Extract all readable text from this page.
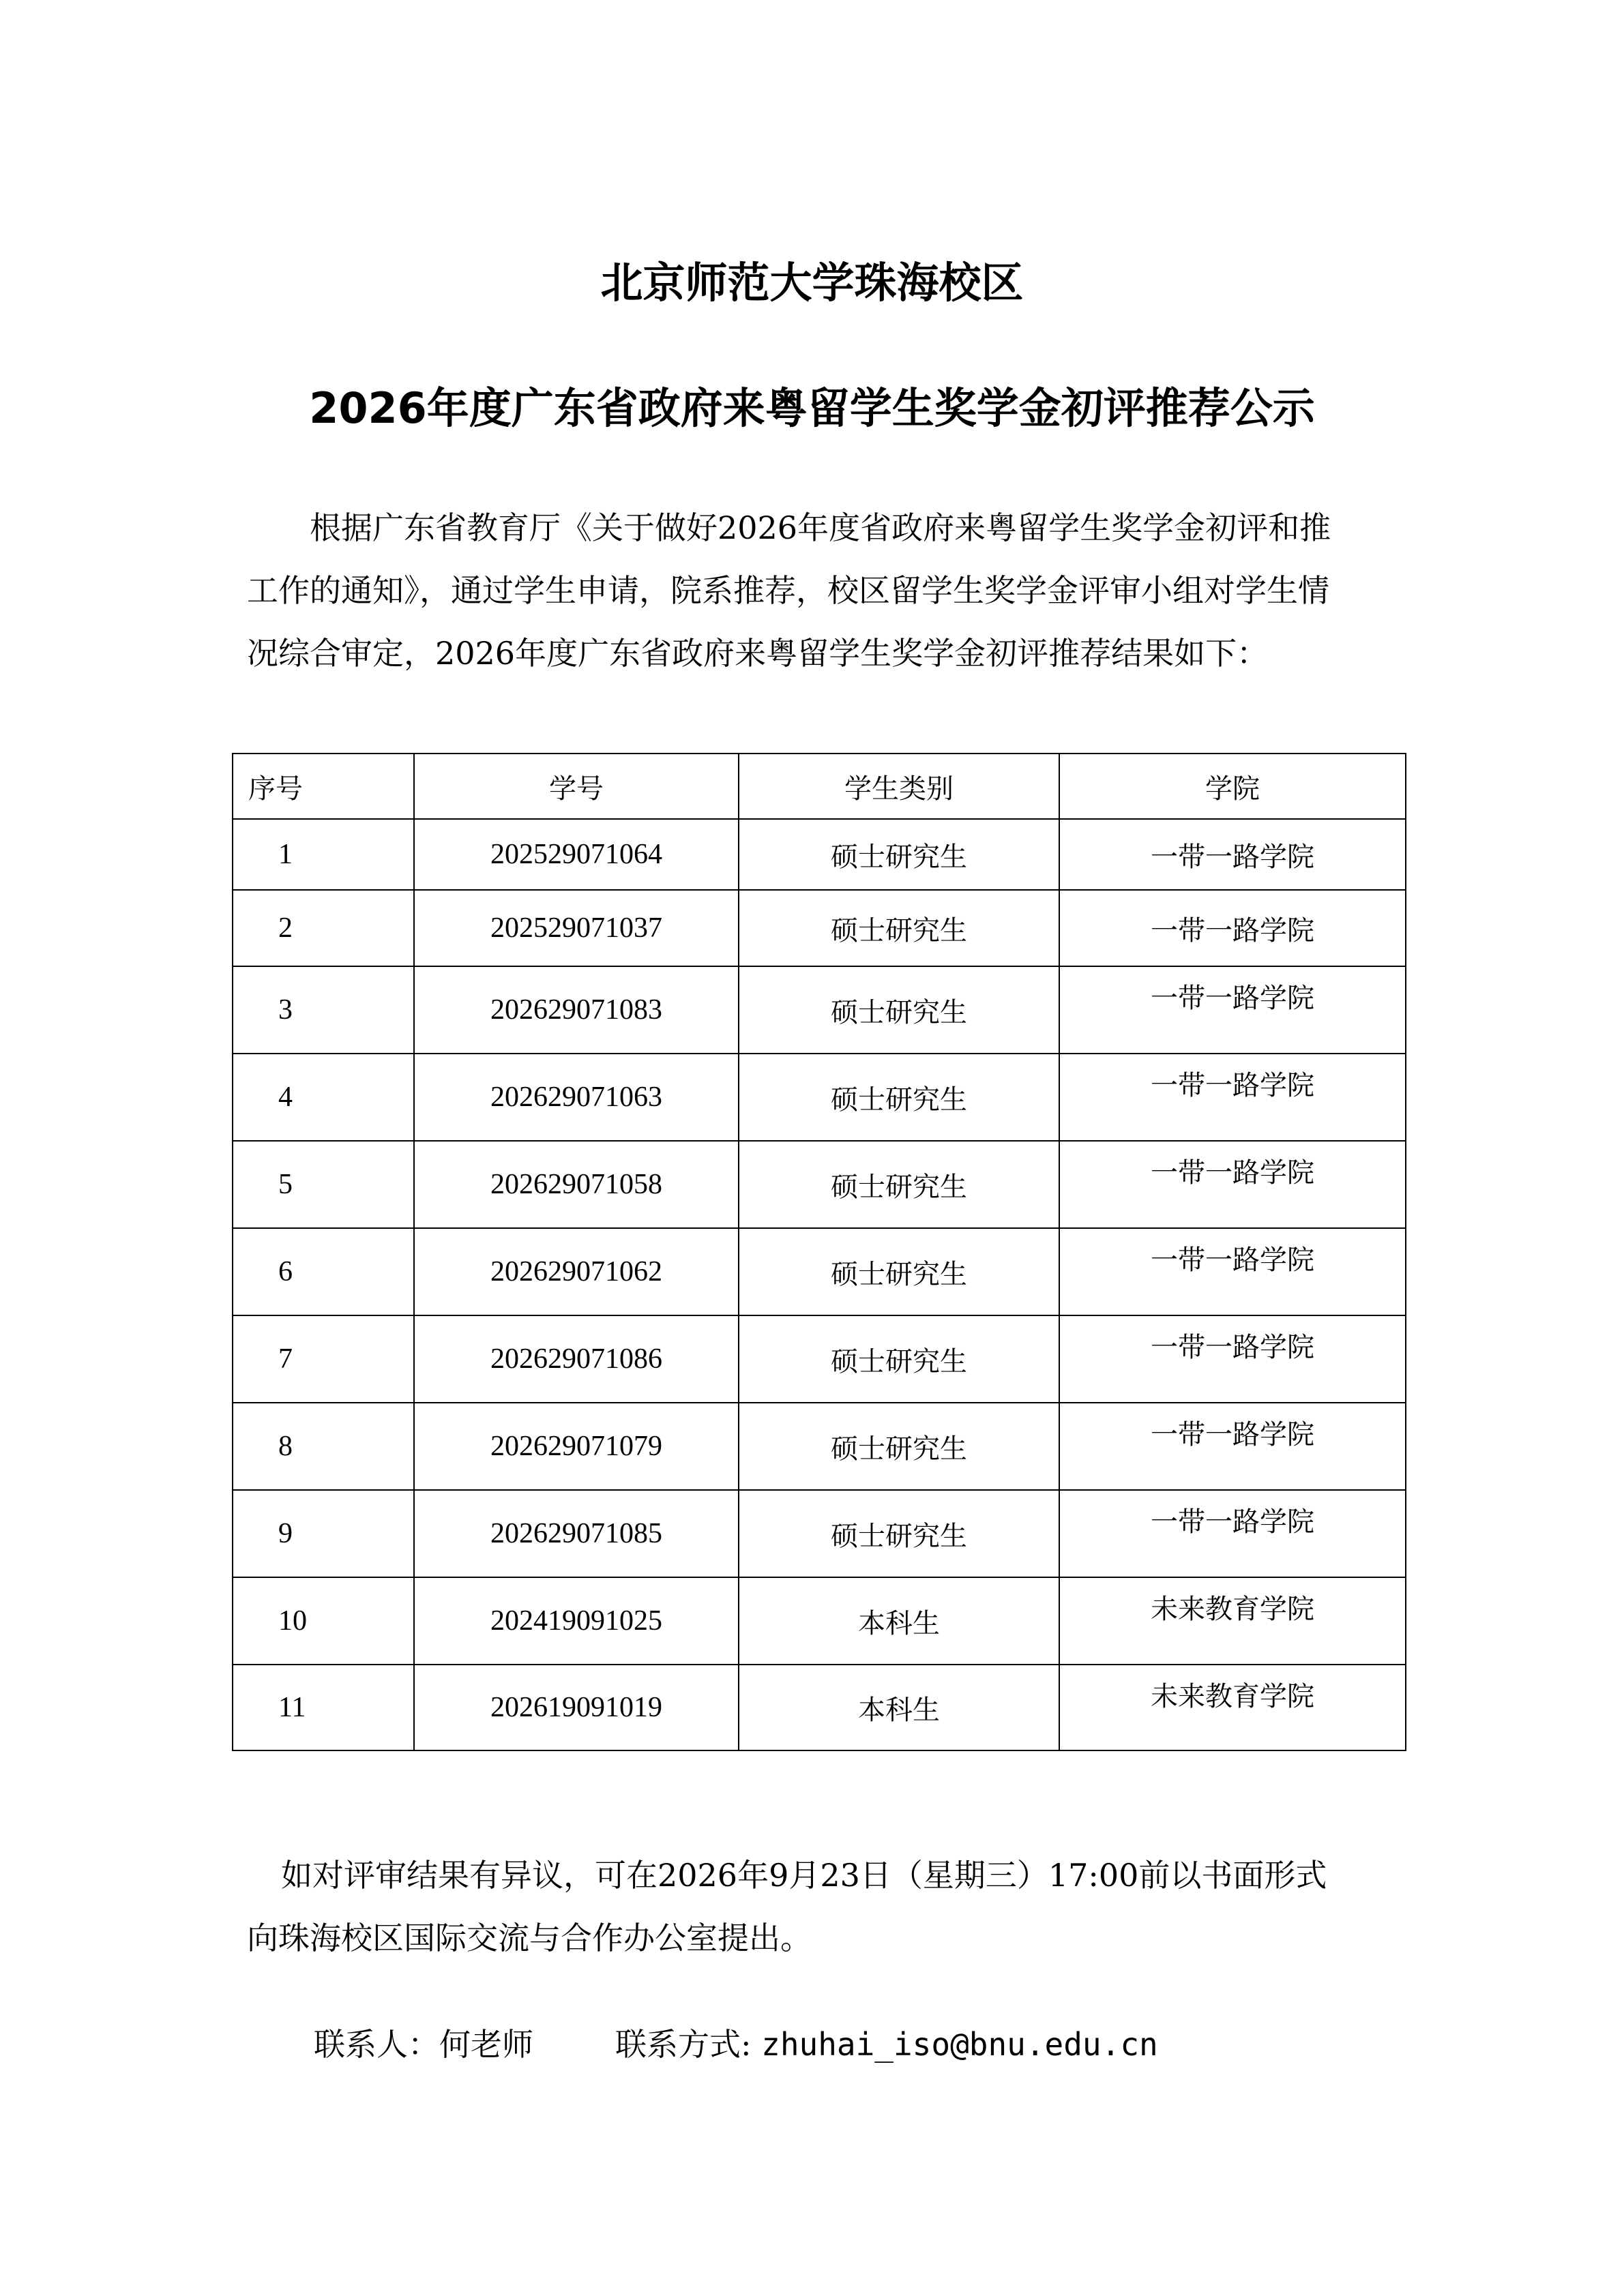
北京师范大学珠海校区
2026年度广东省政府来粤留学生奖学金初评推荐公示

根据广东省教育厅《关于做好2026年度省政府来粤留学生奖学金初评和推

工作的通知》，通过学生申请，院系推荐，校区留学生奖学金评审小组对学生情

况综合审定，2026年度广东省政府来粤留学生奖学金初评推荐结果如下：

序号	学号	学生类别	学院
1	202529071064	硕士研究生	一带一路学院
2	202529071037	硕士研究生	一带一路学院
3	202629071083	硕士研究生	一带一路学院
4	202629071063	硕士研究生	一带一路学院
5	202629071058	硕士研究生	一带一路学院
6	202629071062	硕士研究生	一带一路学院
7	202629071086	硕士研究生	一带一路学院
8	202629071079	硕士研究生	一带一路学院
9	202629071085	硕士研究生	一带一路学院
10	202419091025	本科生	未来教育学院
11	202619091019	本科生	未来教育学院

如对评审结果有异议，可在2026年9月23日（星期三）17:00前以书面形式

向珠海校区国际交流与合作办公室提出。

联系人：何老师	联系方式: zhuhai_iso@bnu.edu.cn
